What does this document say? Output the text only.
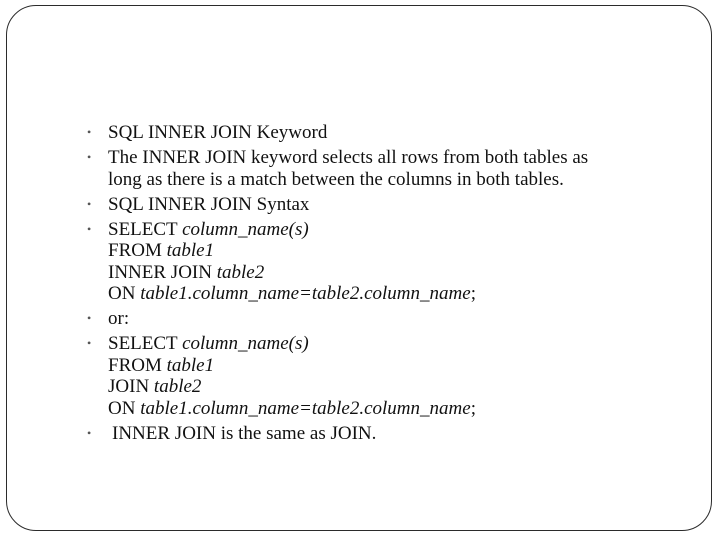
• SQL INNER JOIN Keyword
• The INNER JOIN keyword selects all rows from both tables as
long as there is a match between the columns in both tables.
• SQL INNER JOIN Syntax
• SELECT column_name(s)
FROM table1
INNER JOIN table2
ON table1.column_name=table2.column_name;
• or:
• SELECT column_name(s)
FROM table1
JOIN table2
ON table1.column_name=table2.column_name;
•	INNER JOIN is the same as JOIN.
